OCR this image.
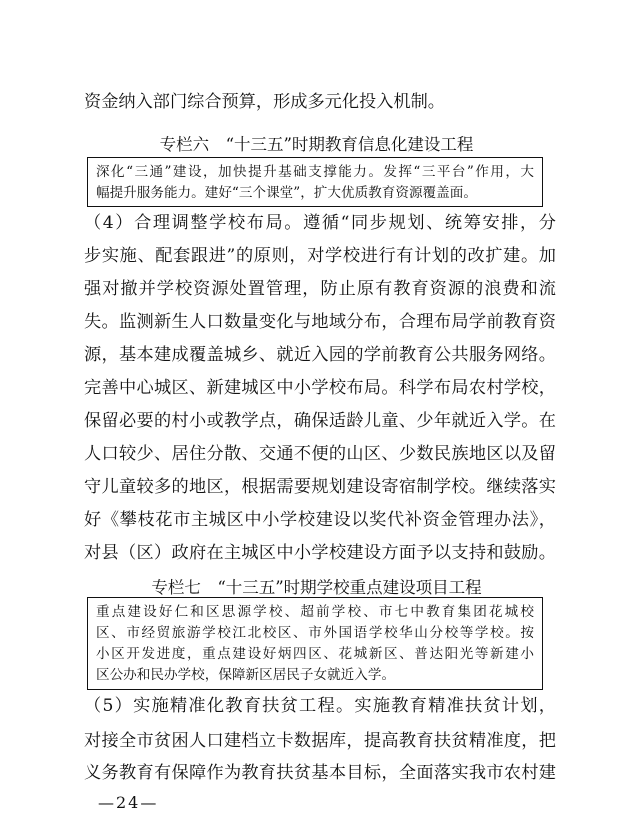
资金纳入部门综合预算，形成多元化投入机制。
专栏六　“十三五”时期教育信息化建设工程
深化“三通”建设，加快提升基础支撑能力。发挥“三平台”作用，大
幅提升服务能力。建好“三个课堂”，扩大优质教育资源覆盖面。
（4）合理调整学校布局。遵循“同步规划、统筹安排，分
步实施、配套跟进”的原则，对学校进行有计划的改扩建。加
强对撤并学校资源处置管理，防止原有教育资源的浪费和流
失。监测新生人口数量变化与地域分布，合理布局学前教育资
源，基本建成覆盖城乡、就近入园的学前教育公共服务网络。
完善中心城区、新建城区中小学校布局。科学布局农村学校，
保留必要的村小或教学点，确保适龄儿童、少年就近入学。在
人口较少、居住分散、交通不便的山区、少数民族地区以及留
守儿童较多的地区，根据需要规划建设寄宿制学校。继续落实
好《攀枝花市主城区中小学校建设以奖代补资金管理办法》，
对县（区）政府在主城区中小学校建设方面予以支持和鼓励。
专栏七　“十三五”时期学校重点建设项目工程
重点建设好仁和区思源学校、超前学校、市七中教育集团花城校
区、市经贸旅游学校江北校区、市外国语学校华山分校等学校。按
小区开发进度，重点建设好炳四区、花城新区、普达阳光等新建小
区公办和民办学校，保障新区居民子女就近入学。
（5）实施精准化教育扶贫工程。实施教育精准扶贫计划，
对接全市贫困人口建档立卡数据库，提高教育扶贫精准度，把
义务教育有保障作为教育扶贫基本目标，全面落实我市农村建
—24—
